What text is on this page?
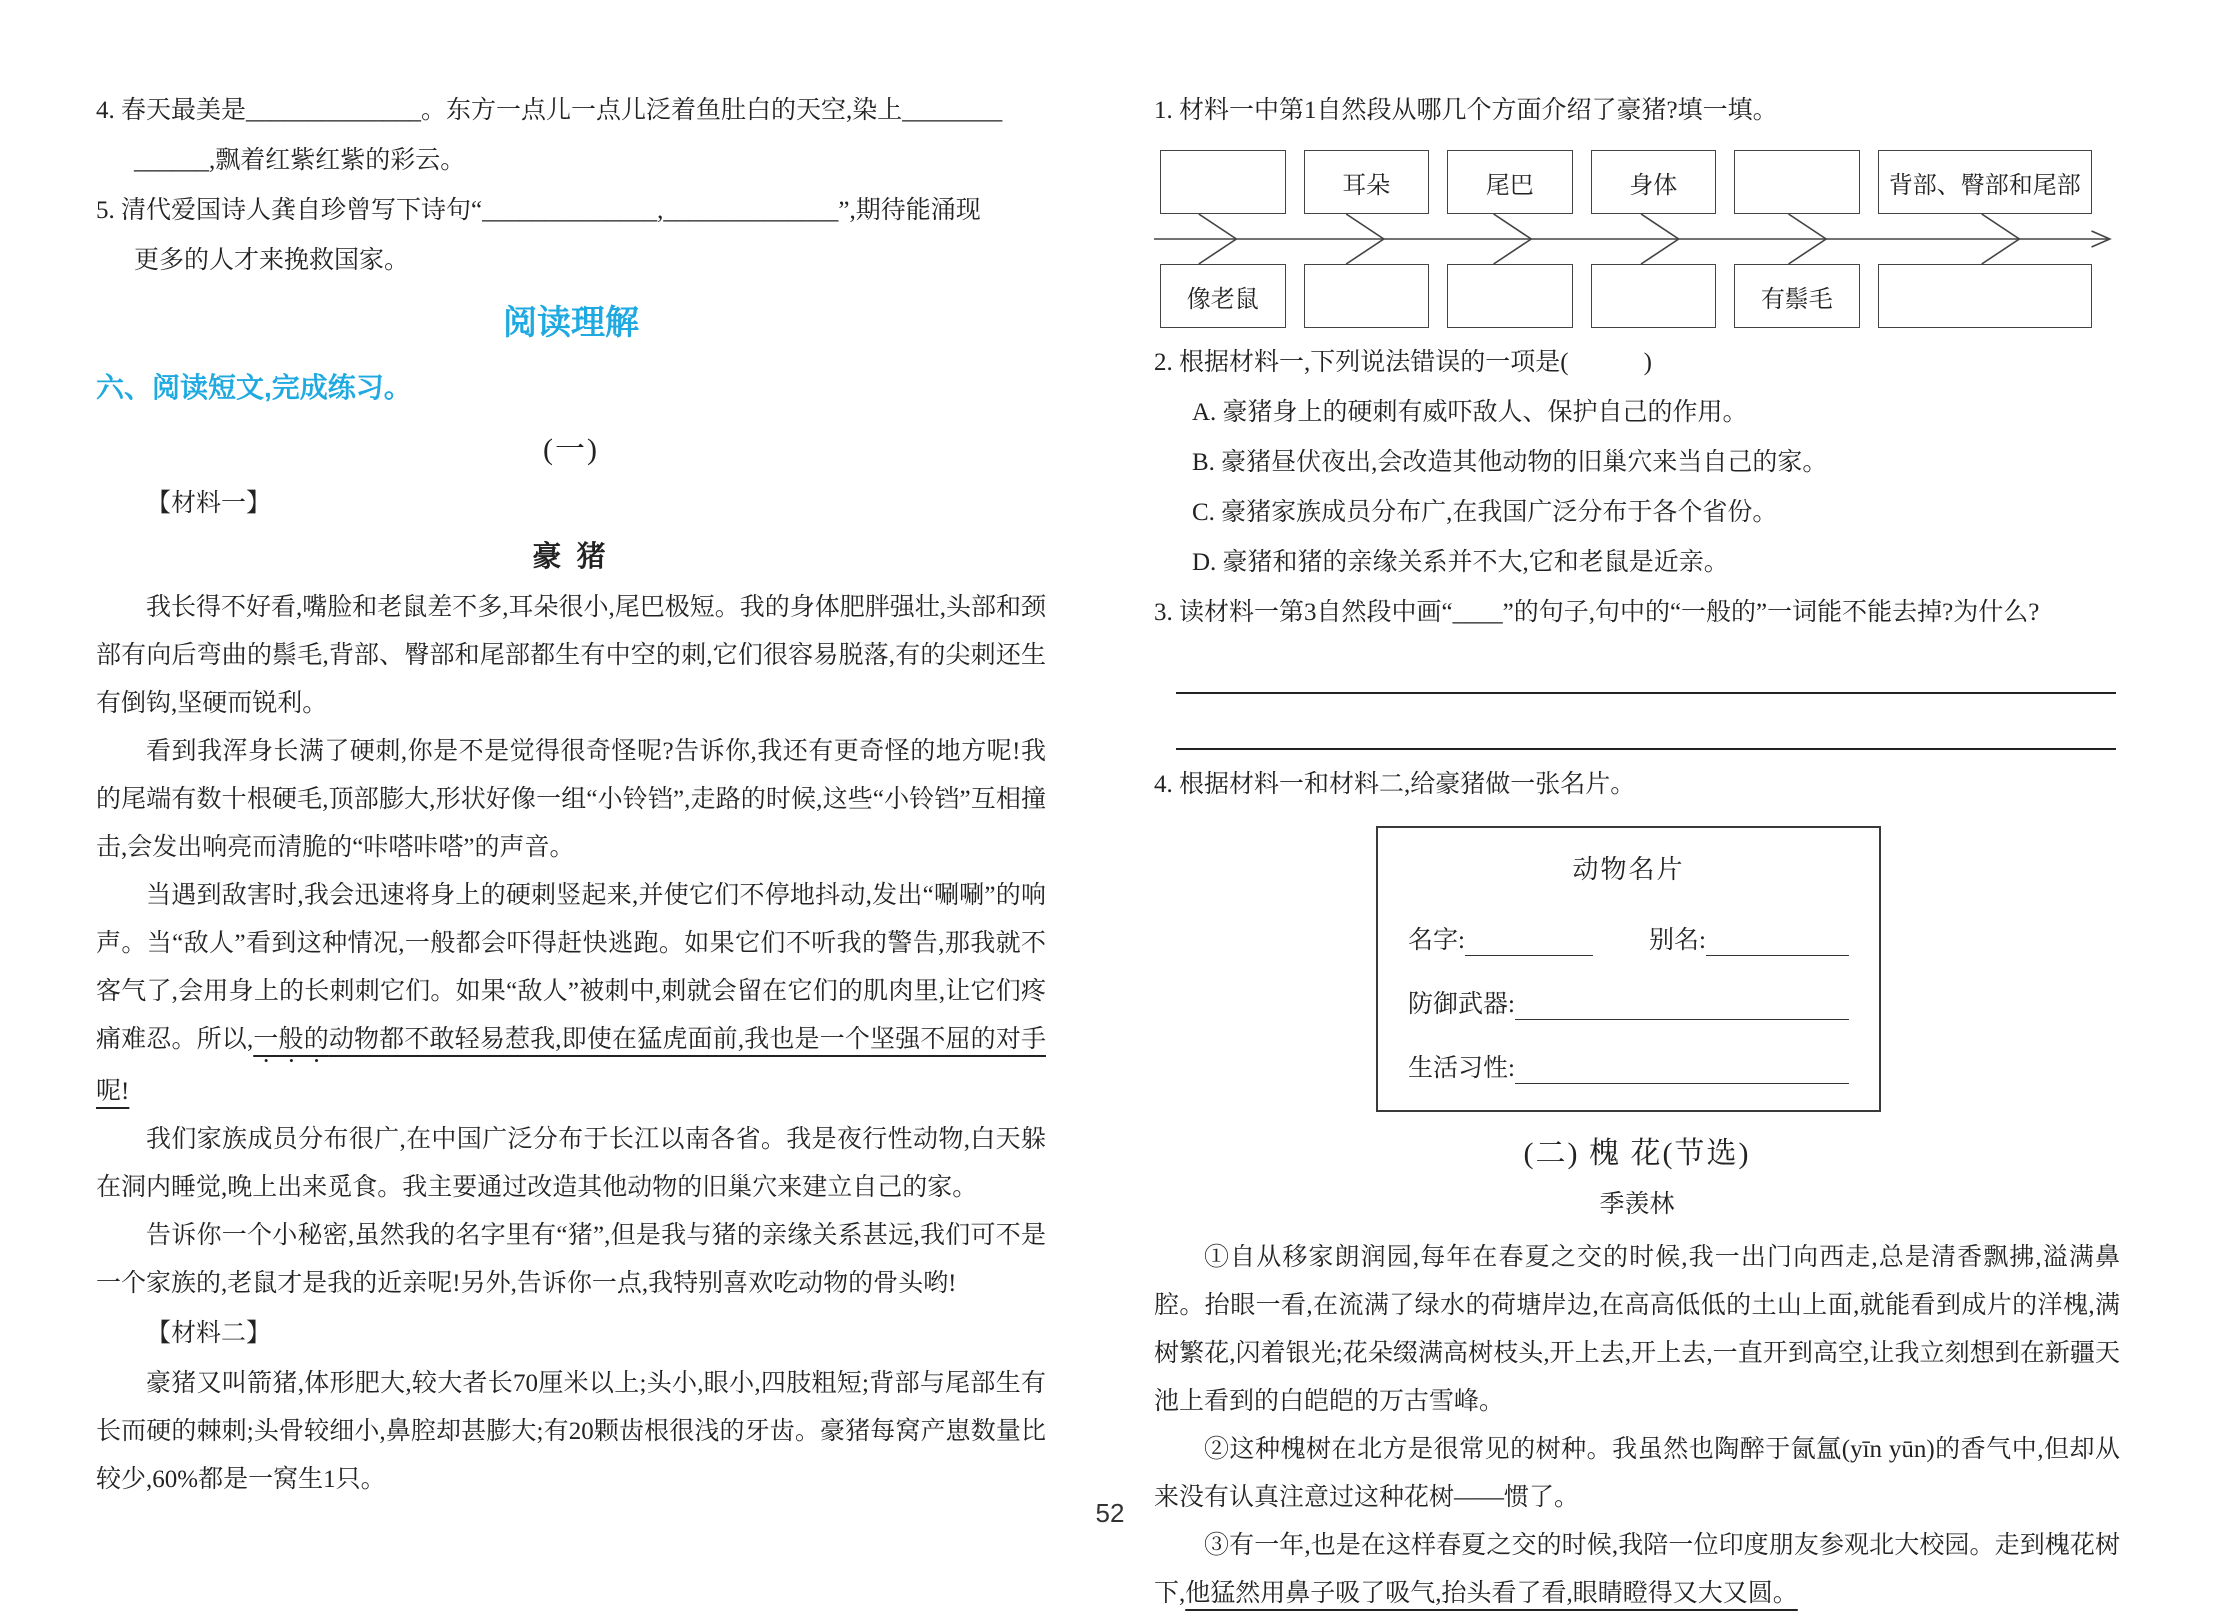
4. 春天最美是______________。东方一点儿一点儿泛着鱼肚白的天空,染上________
______,飘着红紫红紫的彩云。
5. 清代爱国诗人龚自珍曾写下诗句“______________,______________”,期待能涌现
更多的人才来挽救国家。
阅读理解
六、阅读短文,完成练习。
(一)
【材料一】
豪 猪

我长得不好看,嘴脸和老鼠差不多,耳朵很小,尾巴极短。我的身体肥胖强壮,头部和颈部有向后弯曲的鬃毛,背部、臀部和尾部都生有中空的刺,它们很容易脱落,有的尖刺还生有倒钩,坚硬而锐利。

看到我浑身长满了硬刺,你是不是觉得很奇怪呢?告诉你,我还有更奇怪的地方呢!我的尾端有数十根硬毛,顶部膨大,形状好像一组“小铃铛”,走路的时候,这些“小铃铛”互相撞击,会发出响亮而清脆的“咔嗒咔嗒”的声音。

当遇到敌害时,我会迅速将身上的硬刺竖起来,并使它们不停地抖动,发出“唰唰”的响声。当“敌人”看到这种情况,一般都会吓得赶快逃跑。如果它们不听我的警告,那我就不客气了,会用身上的长刺刺它们。如果“敌人”被刺中,刺就会留在它们的肌肉里,让它们疼痛难忍。所以,一般的动物都不敢轻易惹我,即使在猛虎面前,我也是一个坚强不屈的对手呢!

我们家族成员分布很广,在中国广泛分布于长江以南各省。我是夜行性动物,白天躲在洞内睡觉,晚上出来觅食。我主要通过改造其他动物的旧巢穴来建立自己的家。

告诉你一个小秘密,虽然我的名字里有“猪”,但是我与猪的亲缘关系甚远,我们可不是一个家族的,老鼠才是我的近亲呢!另外,告诉你一点,我特别喜欢吃动物的骨头哟!

【材料二】

豪猪又叫箭猪,体形肥大,较大者长70厘米以上;头小,眼小,四肢粗短;背部与尾部生有长而硬的棘刺;头骨较细小,鼻腔却甚膨大;有20颗齿根很浅的牙齿。豪猪每窝产崽数量比较少,60%都是一窝生1只。

1. 材料一中第1自然段从哪几个方面介绍了豪猪?填一填。
耳朵	尾巴	身体	背部、臀部和尾部
像老鼠	有鬃毛
2. 根据材料一,下列说法错误的一项是(　　　)
A. 豪猪身上的硬刺有威吓敌人、保护自己的作用。
B. 豪猪昼伏夜出,会改造其他动物的旧巢穴来当自己的家。
C. 豪猪家族成员分布广,在我国广泛分布于各个省份。
D. 豪猪和猪的亲缘关系并不大,它和老鼠是近亲。
3. 读材料一第3自然段中画“____”的句子,句中的“一般的”一词能不能去掉?为什么?
4. 根据材料一和材料二,给豪猪做一张名片。
动物名片
名字:	别名:
防御武器:
生活习性:
(二) 槐 花(节选)
季羡林

①自从移家朗润园,每年在春夏之交的时候,我一出门向西走,总是清香飘拂,溢满鼻腔。抬眼一看,在流满了绿水的荷塘岸边,在高高低低的土山上面,就能看到成片的洋槐,满树繁花,闪着银光;花朵缀满高树枝头,开上去,开上去,一直开到高空,让我立刻想到在新疆天池上看到的白皑皑的万古雪峰。

②这种槐树在北方是很常见的树种。我虽然也陶醉于氤氲(yīn yūn)的香气中,但却从来没有认真注意过这种花树——惯了。

③有一年,也是在这样春夏之交的时候,我陪一位印度朋友参观北大校园。走到槐花树下,他猛然用鼻子吸了吸气,抬头看了看,眼睛瞪得又大又圆。

52
